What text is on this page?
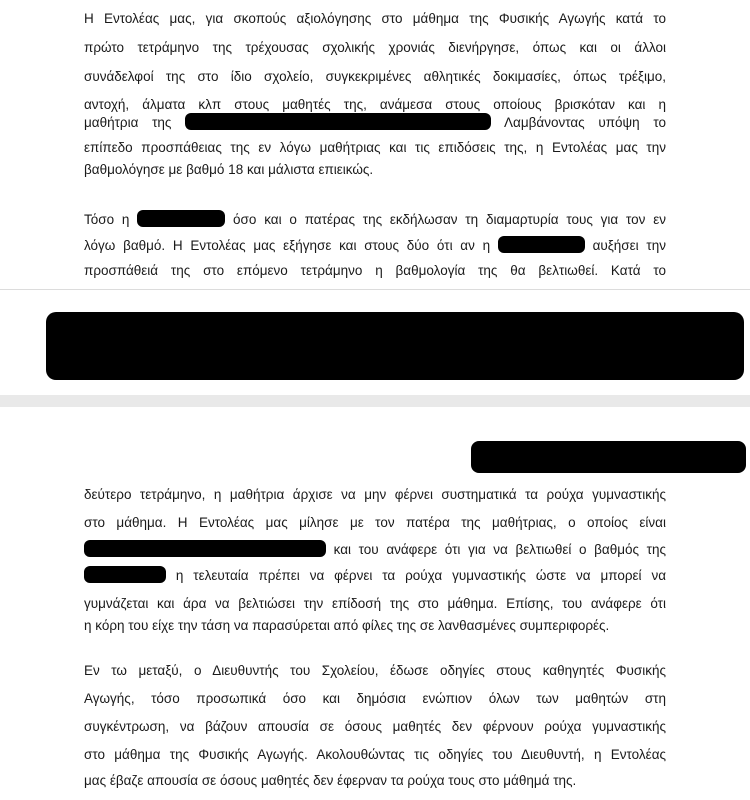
Η Εντολέας μας, για σκοπούς αξιολόγησης στο μάθημα της Φυσικής Αγωγής κατά το
πρώτο τετράμηνο της τρέχουσας σχολικής χρονιάς διενήργησε, όπως και οι άλλοι
συνάδελφοί της στο ίδιο σχολείο, συγκεκριμένες αθλητικές δοκιμασίες, όπως τρέξιμο,
αντοχή, άλματα κλπ στους μαθητές της, ανάμεσα στους οποίους βρισκόταν και η
μαθήτρια της	Λαμβάνοντας υπόψη το
επίπεδο προσπάθειας της εν λόγω μαθήτριας και τις επιδόσεις της, η Εντολέας μας την
βαθμολόγησε με βαθμό 18 και μάλιστα επιεικώς.
Τόσο η	όσο και ο πατέρας της εκδήλωσαν τη διαμαρτυρία τους για τον εν
λόγω βαθμό. Η Εντολέας μας εξήγησε και στους δύο ότι αν η	αυξήσει την
προσπάθειά της στο επόμενο τετράμηνο η βαθμολογία της θα βελτιωθεί. Κατά το
δεύτερο τετράμηνο, η μαθήτρια άρχισε να μην φέρνει συστηματικά τα ρούχα γυμναστικής
στο μάθημα. Η Εντολέας μας μίλησε με τον πατέρα της μαθήτριας, ο οποίος είναι
και του ανάφερε ότι για να βελτιωθεί ο βαθμός της
η τελευταία πρέπει να φέρνει τα ρούχα γυμναστικής ώστε να μπορεί να
γυμνάζεται και άρα να βελτιώσει την επίδοσή της στο μάθημα. Επίσης, του ανάφερε ότι
η κόρη του είχε την τάση να παρασύρεται από φίλες της σε λανθασμένες συμπεριφορές.
Εν τω μεταξύ, ο Διευθυντής του Σχολείου, έδωσε οδηγίες στους καθηγητές Φυσικής
Αγωγής, τόσο προσωπικά όσο και δημόσια ενώπιον όλων των μαθητών στη
συγκέντρωση, να βάζουν απουσία σε όσους μαθητές δεν φέρνουν ρούχα γυμναστικής
στο μάθημα της Φυσικής Αγωγής. Ακολουθώντας τις οδηγίες του Διευθυντή, η Εντολέας
μας έβαζε απουσία σε όσους μαθητές δεν έφερναν τα ρούχα τους στο μάθημά της.
